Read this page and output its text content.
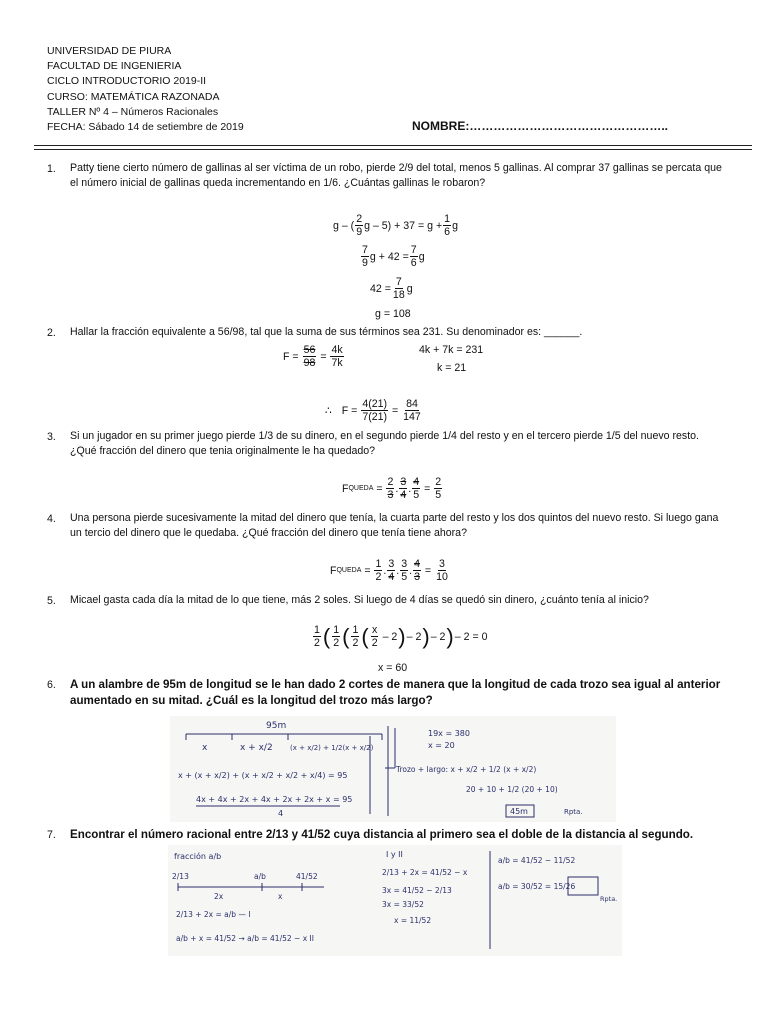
UNIVERSIDAD DE PIURA
FACULTAD DE INGENIERIA
CICLO INTRODUCTORIO 2019-II
CURSO: MATEMÁTICA RAZONADA
TALLER Nº 4 – Números Racionales
FECHA: Sábado 14 de setiembre de 2019	NOMBRE:…………………………………………..
1. Patty tiene cierto número de gallinas al ser víctima de un robo, pierde 2/9 del total, menos 5 gallinas. Al comprar 37 gallinas se percata que el número inicial de gallinas queda incrementando en 1/6. ¿Cuántas gallinas le robaron?
g – ( $\frac{2}{9}$ $g - 5) + 37 = g + \frac{1}{6}$ g
$\frac{7}{9}$ $g + 42 = \frac{7}{6}$ g
$42 = \frac{7}{18}$ g
g = 108
2. Hallar la fracción equivalente a 56/98, tal que la suma de sus términos sea 231. Su denominador es: ______.
F =
$\frac{56}{98}$
=
$\frac{4k}{7k}$	4k + 7k = 231
k = 21
∴ F =
$\frac{4(21)}{7(21)}$
=
$\frac{84}{147}$
3. Si un jugador en su primer juego pierde 1/3 de su dinero, en el segundo pierde 1/4 del resto y en el tercero pierde 1/5 del nuevo resto. ¿Qué fracción del dinero que tenia originalmente le ha quedado?
F QUEDA
=
$\frac{2}{3}$ . $\frac{3}{4}$ . $\frac{4}{5}$
=
$\frac{2}{5}$
4. Una persona pierde sucesivamente la mitad del dinero que tenía, la cuarta parte del resto y los dos quintos del nuevo resto. Si luego gana un tercio del dinero que le quedaba. ¿Qué fracción del dinero que tenía tiene ahora?
F QUEDA
=
$\frac{1}{2}$ . $\frac{3}{4}$ . $\frac{3}{5}$ . $\frac{4}{3}$
=
$\frac{3}{10}$
5. Micael gasta cada día la mitad de lo que tiene, más 2 soles. Si luego de 4 días se quedó sin dinero, ¿cuánto tenía al inicio?
$\frac{1}{2}$ ( $\frac{1}{2}$ ( $\frac{1}{2}$ ( $\frac{x}{2}$
– 2 ) – 2 ) – 2 ) – 2
= 0
x = 60
6. A un alambre de 95m de longitud se le han dado 2 cortes de manera que la longitud de cada trozo sea igual al anterior aumentado en su mitad. ¿Cuál es la longitud del trozo más largo?
95m
x	x + x/2 (x + x/2) + 1/2(x + x/2)
x + (x + x/2) + (x + x/2 + x/2 + x/4) = 95
4x + 4x + 2x + 4x + 2x + 2x + x = 95
4
19x = 380
x = 20
Trozo + largo: x + x/2 + 1/2 (x + x/2)
20 + 10 + 1/2 (20 + 10)
45m	Rpta.
7. Encontrar el número racional entre 2/13 y 41/52 cuya distancia al primero sea el doble de la distancia al segundo.
fracción a/b
2/13	a/b	41/52
2x	x
2/13 + 2x = a/b — I
a/b + x = 41/52 → a/b = 41/52 − x II
I y II
2/13 + 2x = 41/52 − x
3x = 41/52 − 2/13
3x = 33/52
x = 11/52
a/b = 41/52 − 11/52
a/b = 30/52 = 15/26
Rpta.
